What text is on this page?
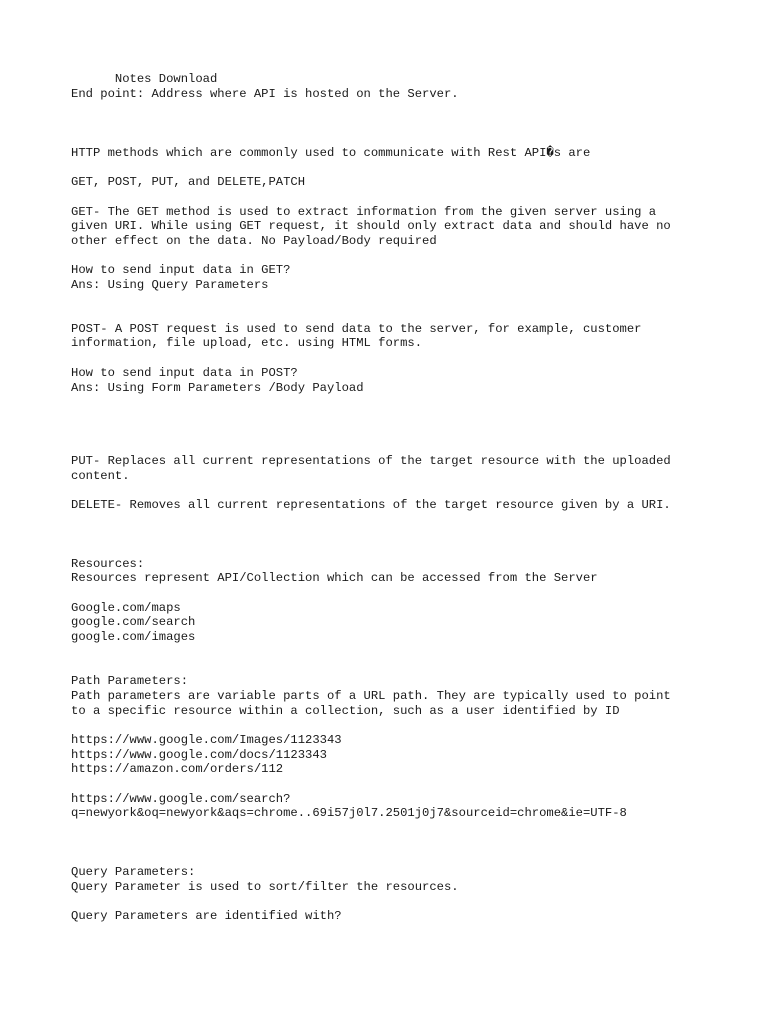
Notes Download

End point: Address where API is hosted on the Server.

HTTP methods which are commonly used to communicate with Rest API�s are

GET, POST, PUT, and DELETE,PATCH

GET- The GET method is used to extract information from the given server using a

given URI. While using GET request, it should only extract data and should have no

other effect on the data. No Payload/Body required

How to send input data in GET?

Ans: Using Query Parameters

POST- A POST request is used to send data to the server, for example, customer

information, file upload, etc. using HTML forms.

How to send input data in POST?

Ans: Using Form Parameters /Body Payload

PUT- Replaces all current representations of the target resource with the uploaded

content.

DELETE- Removes all current representations of the target resource given by a URI.

Resources:

Resources represent API/Collection which can be accessed from the Server

Google.com/maps

google.com/search

google.com/images

Path Parameters:

Path parameters are variable parts of a URL path. They are typically used to point

to a specific resource within a collection, such as a user identified by ID

https://www.google.com/Images/1123343

https://www.google.com/docs/1123343

https://amazon.com/orders/112

https://www.google.com/search?

q=newyork&oq=newyork&aqs=chrome..69i57j0l7.2501j0j7&sourceid=chrome&ie=UTF-8

Query Parameters:

Query Parameter is used to sort/filter the resources.

Query Parameters are identified with?
